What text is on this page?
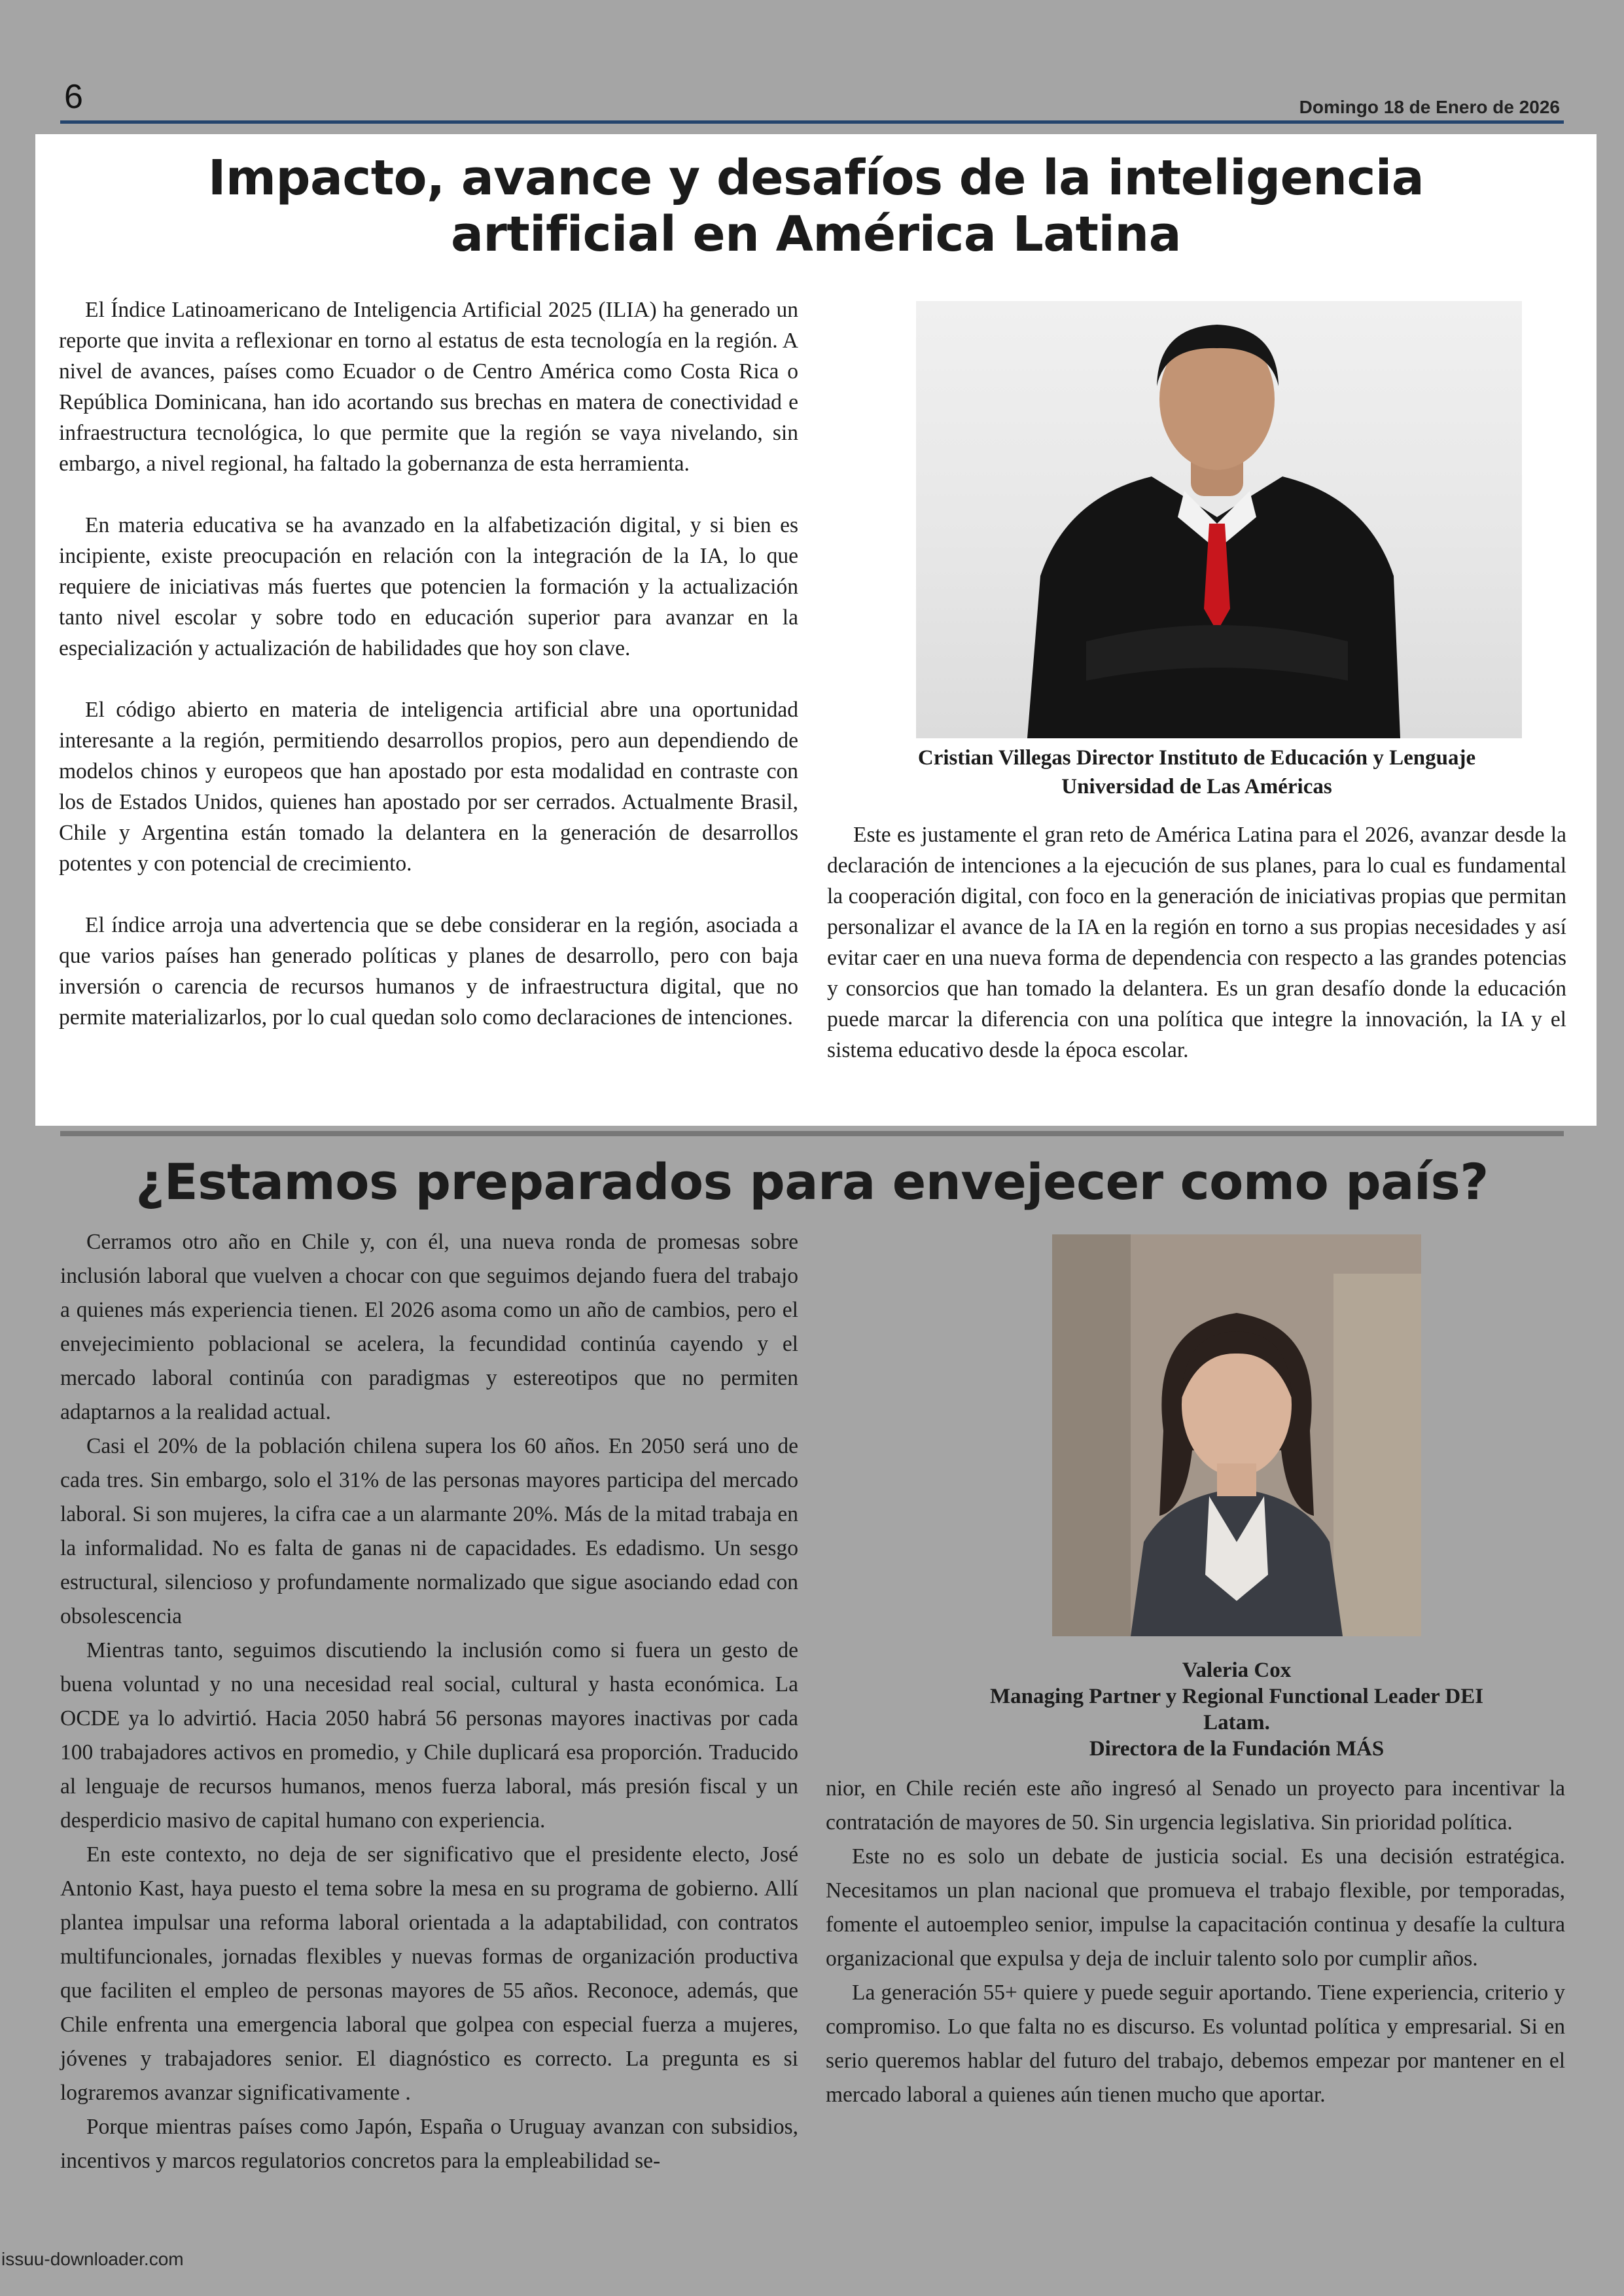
6	Domingo 18 de Enero de 2026
Impacto, avance y desafíos de la inteligencia
artificial en América Latina

El Índice Latinoamericano de Inteligencia Artificial 2025 (ILIA) ha generado un reporte que invita a reflexionar en torno al estatus de esta tecnología en la región. A nivel de avances, países como Ecuador o de Centro América como Costa Rica o República Dominicana, han ido acortando sus brechas en matera de conectividad e infraestructura tecnológica, lo que permite que la región se vaya nivelando, sin embargo, a nivel regional, ha faltado la gobernanza de esta herramienta.

En materia educativa se ha avanzado en la alfabetización digital, y si bien es incipiente, existe preocupación en relación con la integración de la IA, lo que requiere de iniciativas más fuertes que potencien la formación y la actualización tanto nivel escolar y sobre todo en educación superior para avanzar en la especialización y actualización de habilidades que hoy son clave.

El código abierto en materia de inteligencia artificial abre una oportunidad interesante a la región, permitiendo desarrollos propios, pero aun dependiendo de modelos chinos y europeos que han apostado por esta modalidad en contraste con los de Estados Unidos, quienes han apostado por ser cerrados. Actualmente Brasil, Chile y Argentina están tomado la delantera en la generación de desarrollos potentes y con potencial de crecimiento.

El índice arroja una advertencia que se debe considerar en la región, asociada a que varios países han generado políticas y planes de desarrollo, pero con baja inversión o carencia de recursos humanos y de infraestructura digital, que no permite materializarlos, por lo cual quedan solo como declaraciones de intenciones.

Cristian Villegas Director Instituto de Educación y Lenguaje
Universidad de Las Américas

Este es justamente el gran reto de América Latina para el 2026, avanzar desde la declaración de intenciones a la ejecución de sus planes, para lo cual es fundamental la cooperación digital, con foco en la generación de iniciativas propias que permitan personalizar el avance de la IA en la región en torno a sus propias necesidades y así evitar caer en una nueva forma de dependencia con respecto a las grandes potencias y consorcios que han tomado la delantera. Es un gran desafío donde la educación puede marcar la diferencia con una política que integre la innovación, la IA y el sistema educativo desde la época escolar.

¿Estamos preparados para envejecer como país?

Cerramos otro año en Chile y, con él, una nueva ronda de promesas sobre inclusión laboral que vuelven a chocar con que seguimos dejando fuera del trabajo a quienes más experiencia tienen. El 2026 asoma como un año de cambios, pero el envejecimiento poblacional se acelera, la fecundidad continúa cayendo y el mercado laboral continúa con paradigmas y estereotipos que no permiten adaptarnos a la realidad actual.

Casi el 20% de la población chilena supera los 60 años. En 2050 será uno de cada tres. Sin embargo, solo el 31% de las personas mayores participa del mercado laboral. Si son mujeres, la cifra cae a un alarmante 20%. Más de la mitad trabaja en la informalidad. No es falta de ganas ni de capacidades. Es edadismo. Un sesgo estructural, silencioso y profundamente normalizado que sigue asociando edad con obsolescencia

Mientras tanto, seguimos discutiendo la inclusión como si fuera un gesto de buena voluntad y no una necesidad real social, cultural y hasta económica. La OCDE ya lo advirtió. Hacia 2050 habrá 56 personas mayores inactivas por cada 100 trabajadores activos en promedio, y Chile duplicará esa proporción. Traducido al lenguaje de recursos humanos, menos fuerza laboral, más presión fiscal y un desperdicio masivo de capital humano con experiencia.

En este contexto, no deja de ser significativo que el presidente electo, José Antonio Kast, haya puesto el tema sobre la mesa en su programa de gobierno. Allí plantea impulsar una reforma laboral orientada a la adaptabilidad, con contratos multifuncionales, jornadas flexibles y nuevas formas de organización productiva que faciliten el empleo de personas mayores de 55 años. Reconoce, además, que Chile enfrenta una emergencia laboral que golpea con especial fuerza a mujeres, jóvenes y trabajadores senior. El diagnóstico es correcto. La pregunta es si lograremos avanzar significativamente .

Porque mientras países como Japón, España o Uruguay avanzan con subsidios, incentivos y marcos regulatorios concretos para la empleabilidad se-

Valeria Cox
Managing Partner y Regional Functional Leader DEI
Latam.
Directora de la Fundación MÁS

nior, en Chile recién este año ingresó al Senado un proyecto para incentivar la contratación de mayores de 50. Sin urgencia legislativa. Sin prioridad política.

Este no es solo un debate de justicia social. Es una decisión estratégica. Necesitamos un plan nacional que promueva el trabajo flexible, por temporadas, fomente el autoempleo senior, impulse la capacitación continua y desafíe la cultura organizacional que expulsa y deja de incluir talento solo por cumplir años.

La generación 55+ quiere y puede seguir aportando. Tiene experiencia, criterio y compromiso. Lo que falta no es discurso. Es voluntad política y empresarial. Si en serio queremos hablar del futuro del trabajo, debemos empezar por mantener en el mercado laboral a quienes aún tienen mucho que aportar.

issuu-downloader.com
